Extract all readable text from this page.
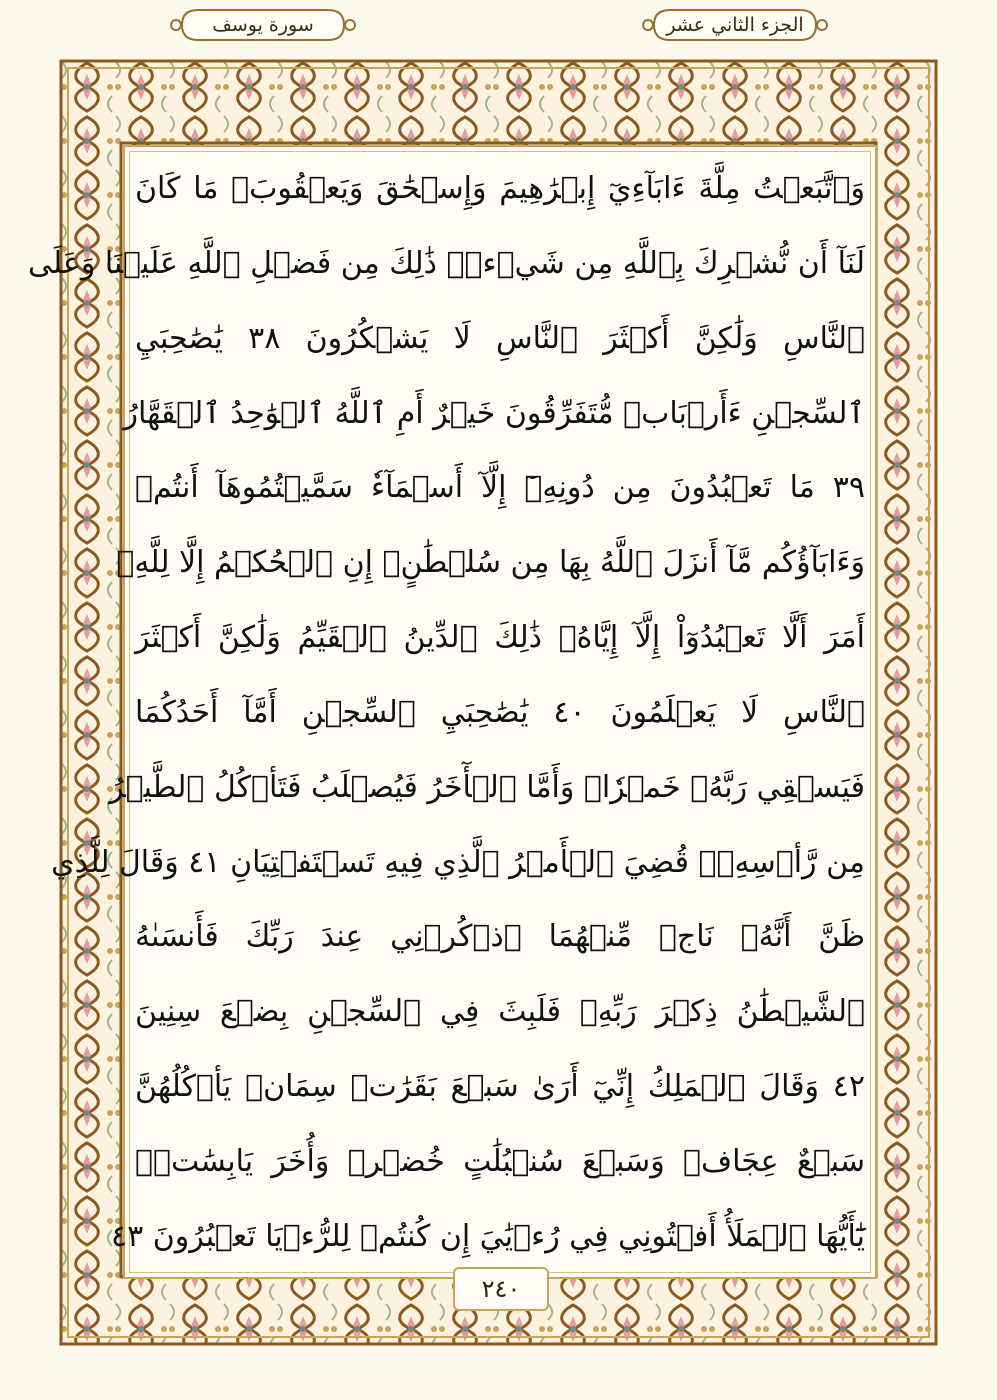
سورة يوسف	الجزء الثاني عشر
وَٱتَّبَعۡتُ مِلَّةَ ءَابَآءِيٓ إِبۡرَٰهِيمَ وَإِسۡحَٰقَ وَيَعۡقُوبَۚ مَا كَانَ
لَنَآ أَن نُّشۡرِكَ بِٱللَّهِ مِن شَيۡءٖۚ ذَٰلِكَ مِن فَضۡلِ ٱللَّهِ عَلَيۡنَا وَعَلَى
ٱلنَّاسِ وَلَٰكِنَّ أَكۡثَرَ ٱلنَّاسِ لَا يَشۡكُرُونَ ٣٨ يَٰصَٰحِبَيِ
ٱلسِّجۡنِ ءَأَرۡبَابٞ مُّتَفَرِّقُونَ خَيۡرٌ أَمِ ٱللَّهُ ٱلۡوَٰحِدُ ٱلۡقَهَّارُ
٣٩ مَا تَعۡبُدُونَ مِن دُونِهِۦٓ إِلَّآ أَسۡمَآءٗ سَمَّيۡتُمُوهَآ أَنتُمۡ
وَءَابَآؤُكُم مَّآ أَنزَلَ ٱللَّهُ بِهَا مِن سُلۡطَٰنٍۚ إِنِ ٱلۡحُكۡمُ إِلَّا لِلَّهِۚ
أَمَرَ أَلَّا تَعۡبُدُوٓاْ إِلَّآ إِيَّاهُۚ ذَٰلِكَ ٱلدِّينُ ٱلۡقَيِّمُ وَلَٰكِنَّ أَكۡثَرَ
ٱلنَّاسِ لَا يَعۡلَمُونَ ٤٠ يَٰصَٰحِبَيِ ٱلسِّجۡنِ أَمَّآ أَحَدُكُمَا
فَيَسۡقِي رَبَّهُۥ خَمۡرٗاۖ وَأَمَّا ٱلۡأٓخَرُ فَيُصۡلَبُ فَتَأۡكُلُ ٱلطَّيۡرُ
مِن رَّأۡسِهِۦۚ قُضِيَ ٱلۡأَمۡرُ ٱلَّذِي فِيهِ تَسۡتَفۡتِيَانِ ٤١ وَقَالَ لِلَّذِي
ظَنَّ أَنَّهُۥ نَاجٖ مِّنۡهُمَا ٱذۡكُرۡنِي عِندَ رَبِّكَ فَأَنسَىٰهُ
ٱلشَّيۡطَٰنُ ذِكۡرَ رَبِّهِۦ فَلَبِثَ فِي ٱلسِّجۡنِ بِضۡعَ سِنِينَ
٤٢ وَقَالَ ٱلۡمَلِكُ إِنِّيٓ أَرَىٰ سَبۡعَ بَقَرَٰتٖ سِمَانٖ يَأۡكُلُهُنَّ
سَبۡعٌ عِجَافٞ وَسَبۡعَ سُنۢبُلَٰتٍ خُضۡرٖ وَأُخَرَ يَابِسَٰتٖۖ
يَٰٓأَيُّهَا ٱلۡمَلَأُ أَفۡتُونِي فِي رُءۡيَٰيَ إِن كُنتُمۡ لِلرُّءۡيَا تَعۡبُرُونَ ٤٣
٢٤٠
